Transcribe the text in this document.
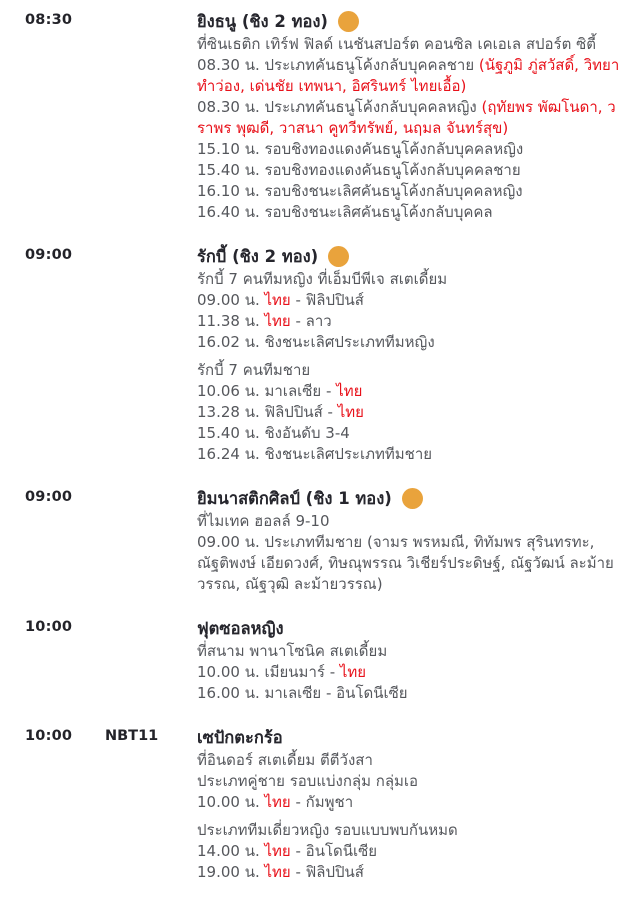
08:30	ยิงธนู (ชิง 2 ทอง)
ที่ซินเธติก เทิร์ฟ ฟิลด์ เนชันสปอร์ต คอนซิล เคเอเล สปอร์ต ซิตี้
08.30 น. ประเภทคันธนูโค้งกลับบุคคลชาย (นัฐภูมิ ภู่สวัสดิ์, วิทยา ทำว่อง, เด่นชัย เทพนา, อิศรินทร์ ไทยเอื้อ)
08.30 น. ประเภทคันธนูโค้งกลับบุคคลหญิง (ฤทัยพร พัฒโนดา, วราพร พุฒดี, วาสนา คูทวีทรัพย์, นฤมล จันทร์สุข)
15.10 น. รอบชิงทองแดงคันธนูโค้งกลับบุคคลหญิง
15.40 น. รอบชิงทองแดงคันธนูโค้งกลับบุคคลชาย
16.10 น. รอบชิงชนะเลิศคันธนูโค้งกลับบุคคลหญิง
16.40 น. รอบชิงชนะเลิศคันธนูโค้งกลับบุคคล
09:00	รักบี้ (ชิง 2 ทอง)
รักบี้ 7 คนทีมหญิง ที่เอ็มบีพีเจ สเตเดี้ยม
09.00 น. ไทย - ฟิลิปปินส์
11.38 น. ไทย - ลาว
16.02 น. ชิงชนะเลิศประเภททีมหญิง
รักบี้ 7 คนทีมชาย
10.06 น. มาเลเซีย - ไทย
13.28 น. ฟิลิปปินส์ - ไทย
15.40 น. ชิงอันดับ 3-4
16.24 น. ชิงชนะเลิศประเภททีมชาย
09:00	ยิมนาสติกศิลป์ (ชิง 1 ทอง)
ที่ไมเทค ฮอลล์ 9-10
09.00 น. ประเภททีมชาย (จามร พรหมณี, ทิทัมพร สุรินทรทะ, ณัฐติพงษ์ เอียดวงศ์, ทิษณุพรรณ วิเชียร์ประดิษฐ์, ณัฐวัฒน์ ละม้ายวรรณ, ณัฐวุฒิ ละม้ายวรรณ)
10:00	ฟุตซอลหญิง
ที่สนาม พานาโซนิค สเตเดี้ยม
10.00 น. เมียนมาร์ - ไทย
16.00 น. มาเลเซีย - อินโดนีเซีย
10:00	NBT11	เซปักตะกร้อ
ที่อินดอร์ สเตเดี้ยม ตีตีวังสา
ประเภทคู่ชาย รอบแบ่งกลุ่ม กลุ่มเอ
10.00 น. ไทย - กัมพูชา
ประเภททีมเดี่ยวหญิง รอบแบบพบกันหมด
14.00 น. ไทย - อินโดนีเซีย
19.00 น. ไทย - ฟิลิปปินส์
